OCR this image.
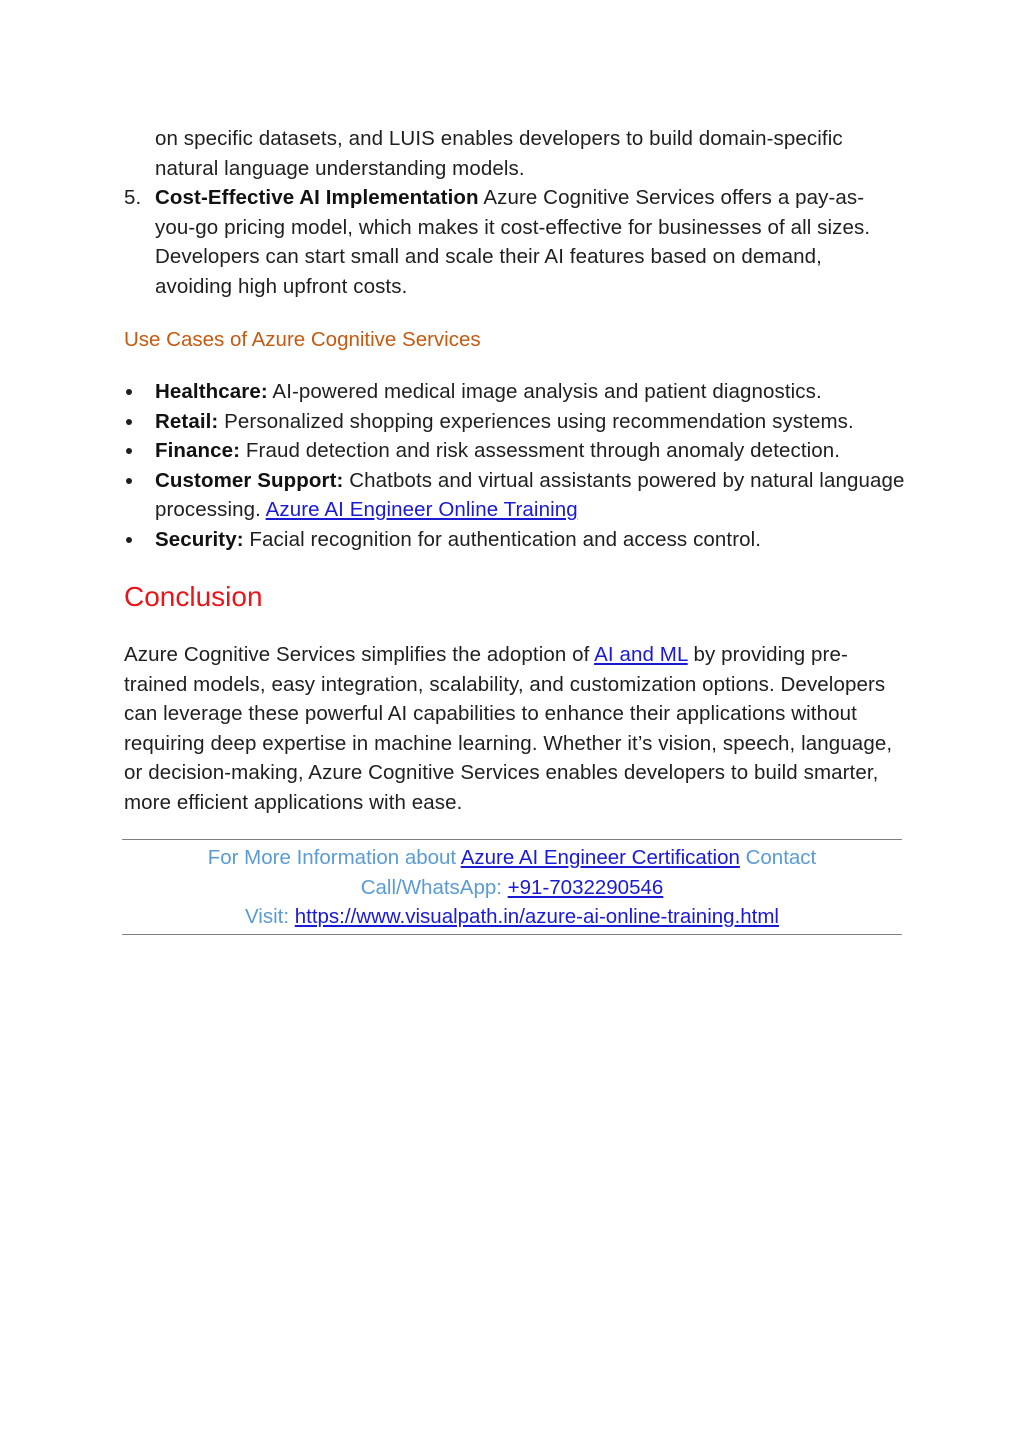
on specific datasets, and LUIS enables developers to build domain-specific
natural language understanding models.
5. Cost-Effective AI Implementation Azure Cognitive Services offers a pay-as-you-go pricing model, which makes it cost-effective for businesses of all sizes. Developers can start small and scale their AI features based on demand, avoiding high upfront costs.
Use Cases of Azure Cognitive Services
Healthcare: AI-powered medical image analysis and patient diagnostics.
Retail: Personalized shopping experiences using recommendation systems.
Finance: Fraud detection and risk assessment through anomaly detection.
Customer Support: Chatbots and virtual assistants powered by natural language processing. Azure AI Engineer Online Training
Security: Facial recognition for authentication and access control.
Conclusion
Azure Cognitive Services simplifies the adoption of AI and ML by providing pre-trained models, easy integration, scalability, and customization options. Developers can leverage these powerful AI capabilities to enhance their applications without requiring deep expertise in machine learning. Whether it’s vision, speech, language, or decision-making, Azure Cognitive Services enables developers to build smarter, more efficient applications with ease.
For More Information about Azure AI Engineer Certification Contact
Call/WhatsApp: +91-7032290546
Visit: https://www.visualpath.in/azure-ai-online-training.html
